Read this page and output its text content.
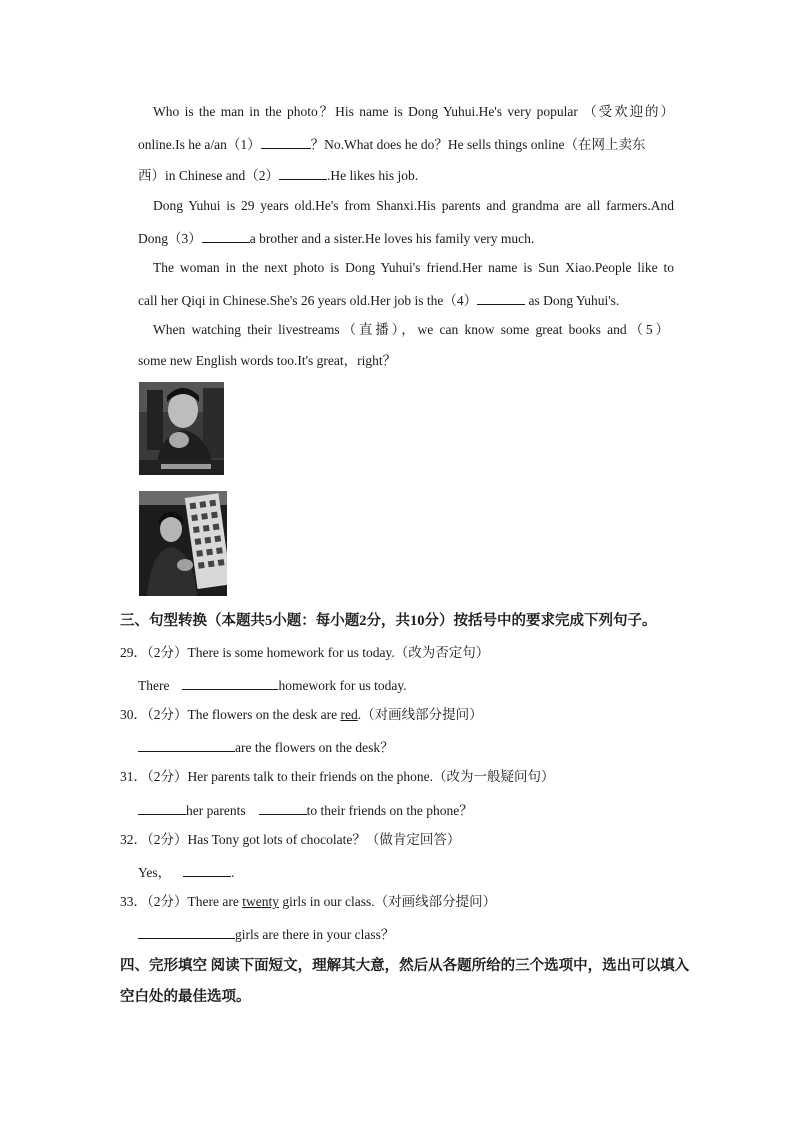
Who is the man in the photo？His name is Dong Yuhui.He's very popular （受欢迎的）
online.Is he a/an（1）	？No.What does he do？He sells things online（在网上卖东
西）in Chinese and（2）	.He likes his job.
Dong Yuhui is 29 years old.He's from Shanxi.His parents and grandma are all farmers.And
Dong（3）	a brother and a sister.He loves his family very much.
The woman in the next photo is Dong Yuhui's friend.Her name is Sun Xiao.People like to
call her Qiqi in Chinese.She's 26 years old.Her job is the（4）	as Dong Yuhui's.
When watching their livestreams（直播），we can know some great books and（5）
some new English words too.It's great，right？
三、句型转换（本题共5小题：每小题2分，共10分）按括号中的要求完成下列句子。
29．（2分）There is some homework for us today.（改为否定句）
There	homework for us today.
30．（2分）The flowers on the desk are red.（对画线部分提问）
are the flowers on the desk？
31．（2分）Her parents talk to their friends on the phone.（改为一般疑问句）
her parents	to their friends on the phone？
32．（2分）Has Tony got lots of chocolate？（做肯定回答）
Yes，	.
33．（2分）There are twenty girls in our class.（对画线部分提问）
girls are there in your class？
四、完形填空 阅读下面短文，理解其大意，然后从各题所给的三个选项中，选出可以填入
空白处的最佳选项。
